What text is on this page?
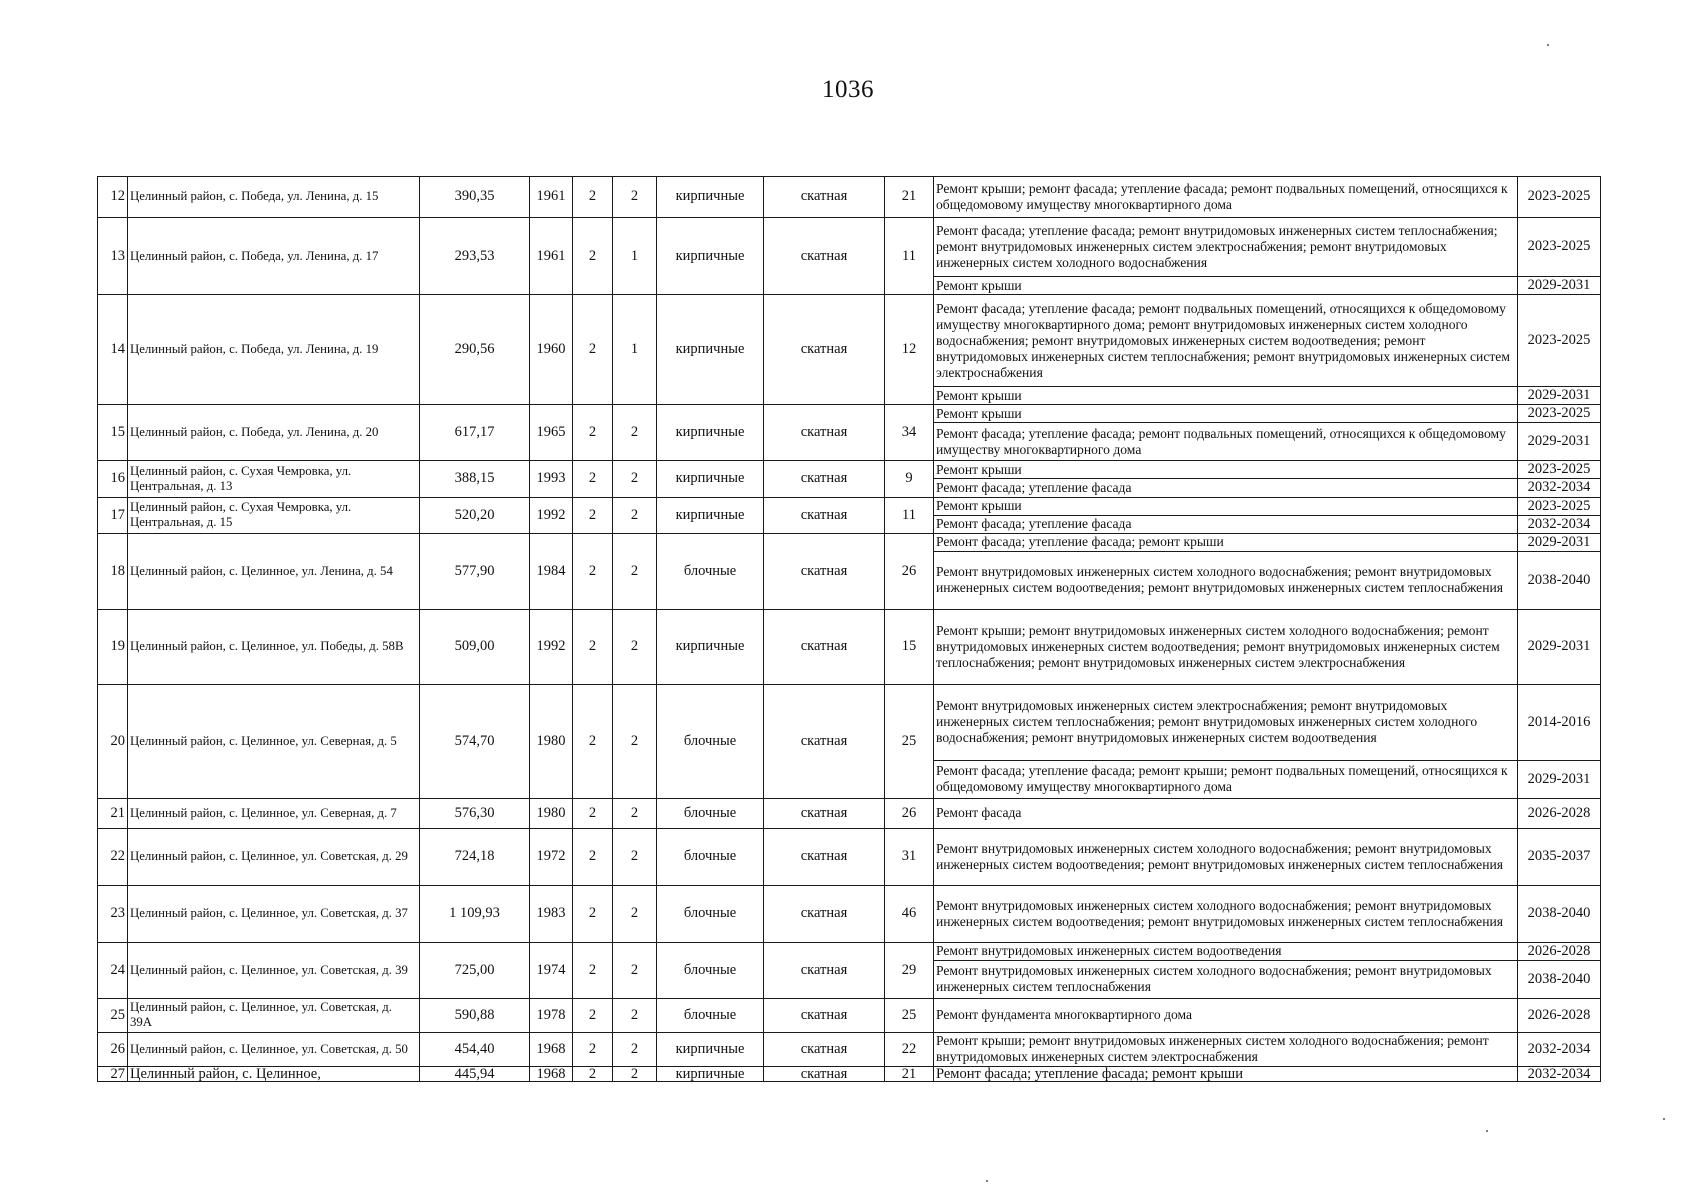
1036
12	Целинный район, с. Победа, ул. Ленина, д. 15	390,35	1961	2	2	кирпичные	скатная	21	Ремонт крыши; ремонт фасада; утепление фасада; ремонт подвальных помещений, относящихся к общедомовому имуществу многоквартирного дома	2023-2025
13	Целинный район, с. Победа, ул. Ленина, д. 17	293,53	1961	2	1	кирпичные	скатная	11	Ремонт фасада; утепление фасада; ремонт внутридомовых инженерных систем теплоснабжения; ремонт внутридомовых инженерных систем электроснабжения; ремонт внутридомовых инженерных систем холодного водоснабжения	2023-2025
									Ремонт крыши	2029-2031
14	Целинный район, с. Победа, ул. Ленина, д. 19	290,56	1960	2	1	кирпичные	скатная	12	Ремонт фасада; утепление фасада; ремонт подвальных помещений, относящихся к общедомовому имуществу многоквартирного дома; ремонт внутридомовых инженерных систем холодного водоснабжения; ремонт внутридомовых инженерных систем водоотведения; ремонт внутридомовых инженерных систем теплоснабжения; ремонт внутридомовых инженерных систем электроснабжения	2023-2025
									Ремонт крыши	2029-2031
15	Целинный район, с. Победа, ул. Ленина, д. 20	617,17	1965	2	2	кирпичные	скатная	34	Ремонт крыши	2023-2025
									Ремонт фасада; утепление фасада; ремонт подвальных помещений, относящихся к общедомовому имуществу многоквартирного дома	2029-2031
16	Целинный район, с. Сухая Чемровка, ул. Центральная, д. 13	388,15	1993	2	2	кирпичные	скатная	9	Ремонт крыши	2023-2025
									Ремонт фасада; утепление фасада	2032-2034
17	Целинный район, с. Сухая Чемровка, ул. Центральная, д. 15	520,20	1992	2	2	кирпичные	скатная	11	Ремонт крыши	2023-2025
									Ремонт фасада; утепление фасада	2032-2034
18	Целинный район, с. Целинное, ул. Ленина, д. 54	577,90	1984	2	2	блочные	скатная	26	Ремонт фасада; утепление фасада; ремонт крыши	2029-2031
									Ремонт внутридомовых инженерных систем холодного водоснабжения; ремонт внутридомовых инженерных систем водоотведения; ремонт внутридомовых инженерных систем теплоснабжения	2038-2040
19	Целинный район, с. Целинное, ул. Победы, д. 58В	509,00	1992	2	2	кирпичные	скатная	15	Ремонт крыши; ремонт внутридомовых инженерных систем холодного водоснабжения; ремонт внутридомовых инженерных систем водоотведения; ремонт внутридомовых инженерных систем теплоснабжения; ремонт внутридомовых инженерных систем электроснабжения	2029-2031
20	Целинный район, с. Целинное, ул. Северная, д. 5	574,70	1980	2	2	блочные	скатная	25	Ремонт внутридомовых инженерных систем электроснабжения; ремонт внутридомовых инженерных систем теплоснабжения; ремонт внутридомовых инженерных систем холодного водоснабжения; ремонт внутридомовых инженерных систем водоотведения	2014-2016
									Ремонт фасада; утепление фасада; ремонт крыши; ремонт подвальных помещений, относящихся к общедомовому имуществу многоквартирного дома	2029-2031
21	Целинный район, с. Целинное, ул. Северная, д. 7	576,30	1980	2	2	блочные	скатная	26	Ремонт фасада	2026-2028
22	Целинный район, с. Целинное, ул. Советская, д. 29	724,18	1972	2	2	блочные	скатная	31	Ремонт внутридомовых инженерных систем холодного водоснабжения; ремонт внутридомовых инженерных систем водоотведения; ремонт внутридомовых инженерных систем теплоснабжения	2035-2037
23	Целинный район, с. Целинное, ул. Советская, д. 37	1 109,93	1983	2	2	блочные	скатная	46	Ремонт внутридомовых инженерных систем холодного водоснабжения; ремонт внутридомовых инженерных систем водоотведения; ремонт внутридомовых инженерных систем теплоснабжения	2038-2040
24	Целинный район, с. Целинное, ул. Советская, д. 39	725,00	1974	2	2	блочные	скатная	29	Ремонт внутридомовых инженерных систем водоотведения	2026-2028
									Ремонт внутридомовых инженерных систем холодного водоснабжения; ремонт внутридомовых инженерных систем теплоснабжения	2038-2040
25	Целинный район, с. Целинное, ул. Советская, д. 39А	590,88	1978	2	2	блочные	скатная	25	Ремонт фундамента многоквартирного дома	2026-2028
26	Целинный район, с. Целинное, ул. Советская, д. 50	454,40	1968	2	2	кирпичные	скатная	22	Ремонт крыши; ремонт внутридомовых инженерных систем холодного водоснабжения; ремонт внутридомовых инженерных систем электроснабжения	2032-2034
27	Целинный район, с. Целинное,	445,94	1968	2	2	кирпичные	скатная	21	Ремонт фасада; утепление фасада; ремонт крыши	2032-2034
